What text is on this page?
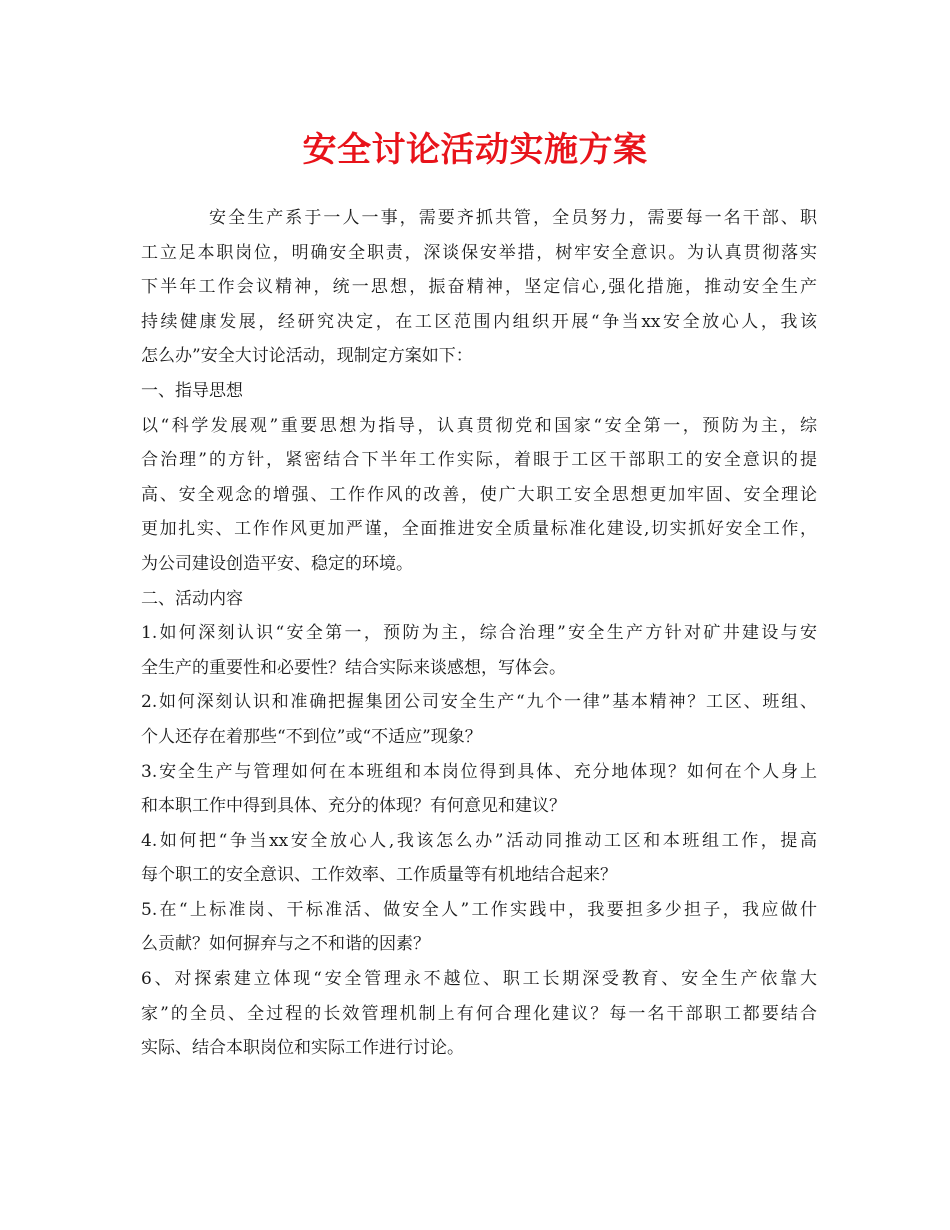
安全讨论活动实施方案
安全生产系于一人一事，需要齐抓共管，全员努力，需要每一名干部、职
工立足本职岗位，明确安全职责，深谈保安举措，树牢安全意识。为认真贯彻落实
下半年工作会议精神，统一思想，振奋精神，坚定信心,强化措施，推动安全生产
持续健康发展，经研究决定，在工区范围内组织开展“争当xx安全放心人，我该
怎么办”安全大讨论活动，现制定方案如下：
一、指导思想
以“科学发展观”重要思想为指导，认真贯彻党和国家“安全第一，预防为主，综
合治理”的方针，紧密结合下半年工作实际，着眼于工区干部职工的安全意识的提
高、安全观念的增强、工作作风的改善，使广大职工安全思想更加牢固、安全理论
更加扎实、工作作风更加严谨，全面推进安全质量标准化建设,切实抓好安全工作，
为公司建设创造平安、稳定的环境。
二、活动内容
1.如何深刻认识“安全第一，预防为主，综合治理”安全生产方针对矿井建设与安
全生产的重要性和必要性？结合实际来谈感想，写体会。
2.如何深刻认识和准确把握集团公司安全生产“九个一律”基本精神？工区、班组、
个人还存在着那些“不到位”或“不适应”现象？
3.安全生产与管理如何在本班组和本岗位得到具体、充分地体现？如何在个人身上
和本职工作中得到具体、充分的体现？有何意见和建议？
4.如何把“争当xx安全放心人,我该怎么办”活动同推动工区和本班组工作，提高
每个职工的安全意识、工作效率、工作质量等有机地结合起来？
5.在“上标准岗、干标准活、做安全人”工作实践中，我要担多少担子，我应做什
么贡献？如何摒弃与之不和谐的因素？
6、对探索建立体现“安全管理永不越位、职工长期深受教育、安全生产依靠大
家”的全员、全过程的长效管理机制上有何合理化建议？每一名干部职工都要结合
实际、结合本职岗位和实际工作进行讨论。
